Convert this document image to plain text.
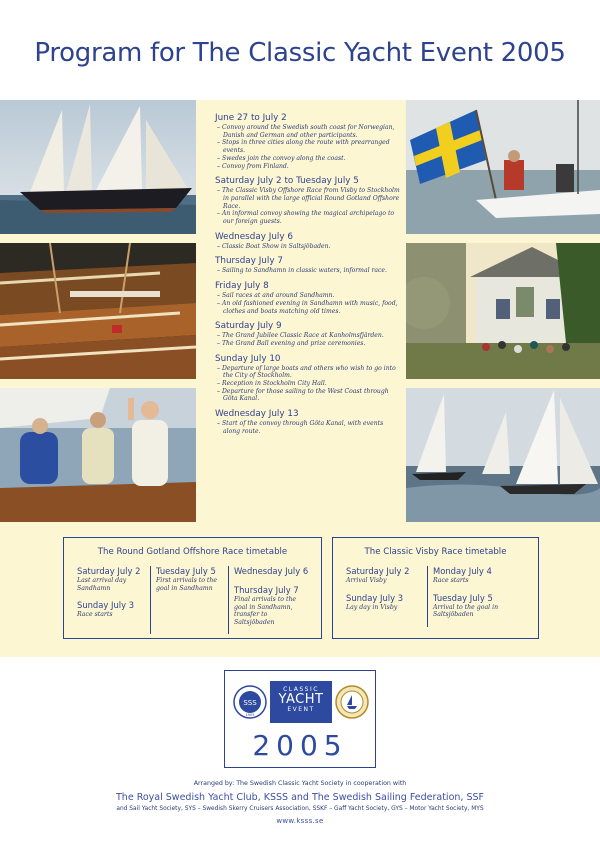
Program for The Classic Yacht Event 2005
June 27 to July 2
– Convoy around the Swedish south coast for Norwegian, Danish and German and other participants.
– Stops in three cities along the route with prearranged events.
– Swedes join the convoy along the coast.
– Convoy from Finland.
Saturday July 2 to Tuesday July 5
– The Classic Visby Offshore Race from Visby to Stockholm in parallel with the large official Round Gotland Offshore Race.
– An informal convoy showing the magical archipelago to our foreign guests.
Wednesday July 6
– Classic Boat Show in Saltsjöbaden.
Thursday July 7
– Sailing to Sandhamn in classic waters, informal race.
Friday July 8
– Sail races at and around Sandhamn.
– An old fashioned evening in Sandhamn with music, food, clothes and boats matching old times.
Saturday July 9
– The Grand Jubilee Classic Race at Kanholmsfjärden.
– The Grand Ball evening and prize ceremonies.
Sunday July 10
– Departure of large boats and others who wish to go into the City of Stockholm.
– Reception in Stockholm City Hall.
– Departure for those sailing to the West Coast through Göta Kanal.
Wednesday July 13
– Start of the convoy through Göta Kanal, with events along route.
The Round Gotland Offshore Race timetable
Saturday July 2
Last arrival day Sandhamn
Sunday July 3
Race starts
Tuesday July 5
First arrivals to the goal in Sandhamn
Wednesday July 6
Thursday July 7
Final arrivals to the goal in Sandhamn, transfer to Saltsjöbaden
The Classic Visby Race timetable
Saturday July 2
Arrival Visby
Sunday July 3
Lay day in Visby
Monday July 4
Race starts
Tuesday July 5
Arrival to the goal in Saltsjöbaden
SSS
1905
CLASSIC
YACHT
EVENT
2005
Arranged by: The Swedish Classic Yacht Society in cooperation with
The Royal Swedish Yacht Club, KSSS and The Swedish Sailing Federation, SSF
and Sail Yacht Society, SYS – Swedish Skerry Cruisers Association, SSKF – Gaff Yacht Society, GYS – Motor Yacht Society, MYS
www.ksss.se
